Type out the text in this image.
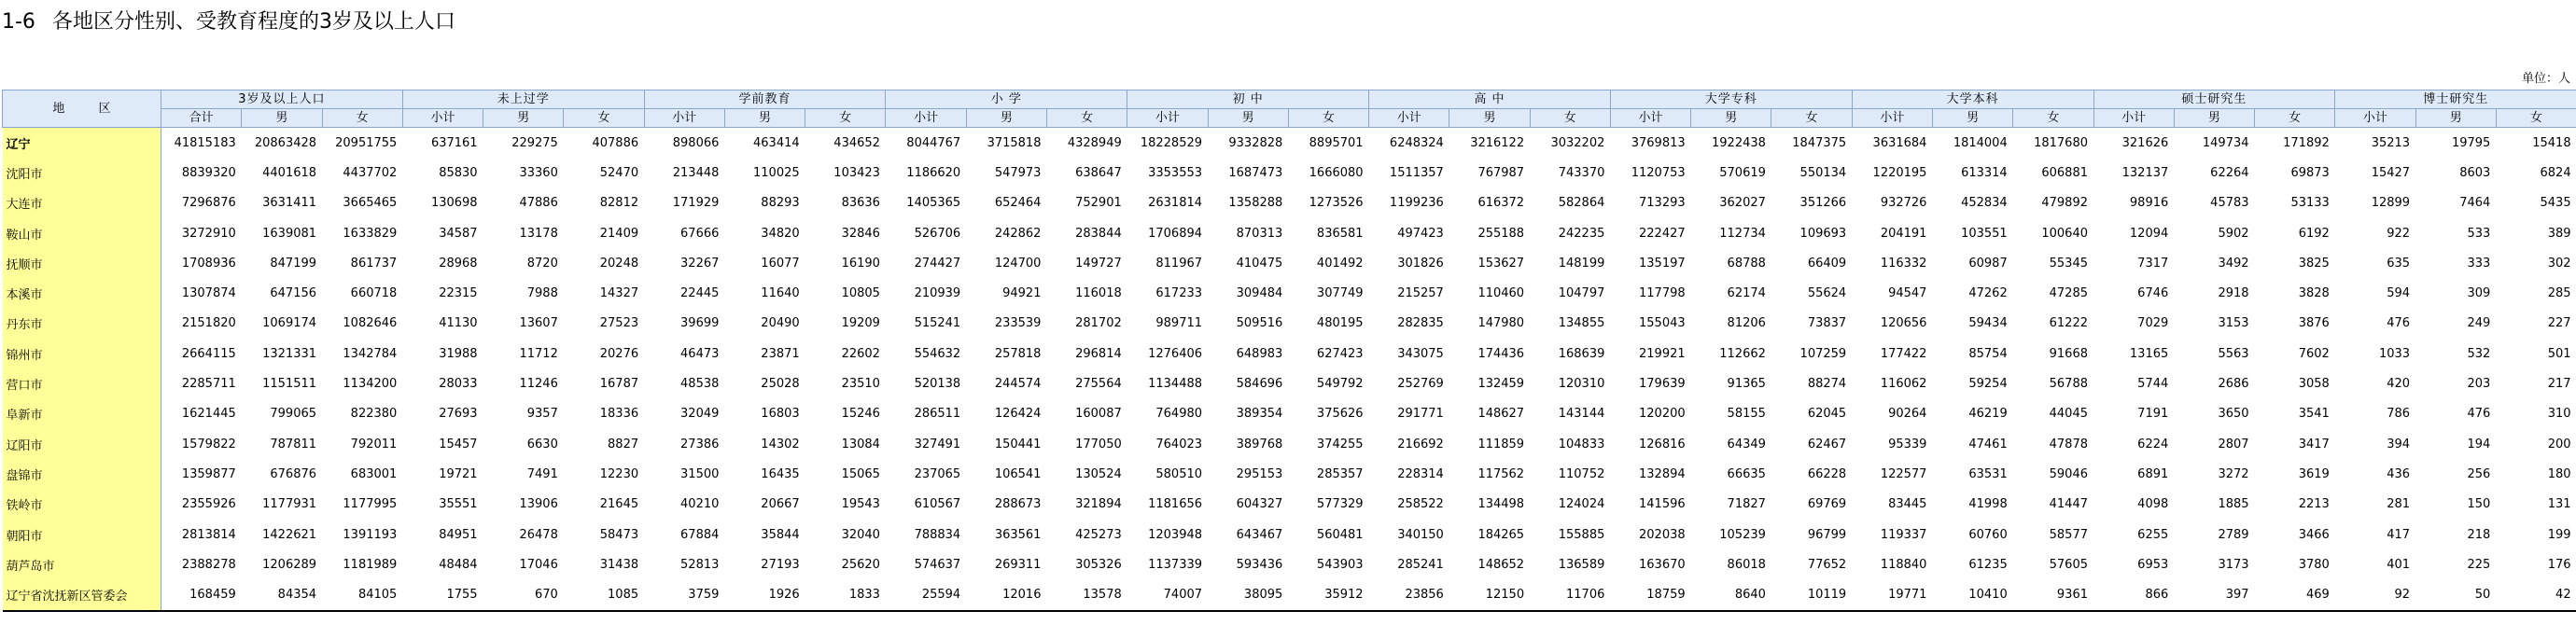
1-6 各地区分性别、受教育程度的3岁及以上人口
单位：人
地 区	3岁及以上人口			未上过学			学前教育			小 学			初 中			高 中			大学专科			大学本科			硕士研究生			博士研究生		
	合计	男	女	小计	男	女	小计	男	女	小计	男	女	小计	男	女	小计	男	女	小计	男	女	小计	男	女	小计	男	女	小计	男	女
辽宁	41815183	20863428	20951755	637161	229275	407886	898066	463414	434652	8044767	3715818	4328949	18228529	9332828	8895701	6248324	3216122	3032202	3769813	1922438	1847375	3631684	1814004	1817680	321626	149734	171892	35213	19795	15418
沈阳市	8839320	4401618	4437702	85830	33360	52470	213448	110025	103423	1186620	547973	638647	3353553	1687473	1666080	1511357	767987	743370	1120753	570619	550134	1220195	613314	606881	132137	62264	69873	15427	8603	6824
大连市	7296876	3631411	3665465	130698	47886	82812	171929	88293	83636	1405365	652464	752901	2631814	1358288	1273526	1199236	616372	582864	713293	362027	351266	932726	452834	479892	98916	45783	53133	12899	7464	5435
鞍山市	3272910	1639081	1633829	34587	13178	21409	67666	34820	32846	526706	242862	283844	1706894	870313	836581	497423	255188	242235	222427	112734	109693	204191	103551	100640	12094	5902	6192	922	533	389
抚顺市	1708936	847199	861737	28968	8720	20248	32267	16077	16190	274427	124700	149727	811967	410475	401492	301826	153627	148199	135197	68788	66409	116332	60987	55345	7317	3492	3825	635	333	302
本溪市	1307874	647156	660718	22315	7988	14327	22445	11640	10805	210939	94921	116018	617233	309484	307749	215257	110460	104797	117798	62174	55624	94547	47262	47285	6746	2918	3828	594	309	285
丹东市	2151820	1069174	1082646	41130	13607	27523	39699	20490	19209	515241	233539	281702	989711	509516	480195	282835	147980	134855	155043	81206	73837	120656	59434	61222	7029	3153	3876	476	249	227
锦州市	2664115	1321331	1342784	31988	11712	20276	46473	23871	22602	554632	257818	296814	1276406	648983	627423	343075	174436	168639	219921	112662	107259	177422	85754	91668	13165	5563	7602	1033	532	501
营口市	2285711	1151511	1134200	28033	11246	16787	48538	25028	23510	520138	244574	275564	1134488	584696	549792	252769	132459	120310	179639	91365	88274	116062	59254	56788	5744	2686	3058	420	203	217
阜新市	1621445	799065	822380	27693	9357	18336	32049	16803	15246	286511	126424	160087	764980	389354	375626	291771	148627	143144	120200	58155	62045	90264	46219	44045	7191	3650	3541	786	476	310
辽阳市	1579822	787811	792011	15457	6630	8827	27386	14302	13084	327491	150441	177050	764023	389768	374255	216692	111859	104833	126816	64349	62467	95339	47461	47878	6224	2807	3417	394	194	200
盘锦市	1359877	676876	683001	19721	7491	12230	31500	16435	15065	237065	106541	130524	580510	295153	285357	228314	117562	110752	132894	66635	66228	122577	63531	59046	6891	3272	3619	436	256	180
铁岭市	2355926	1177931	1177995	35551	13906	21645	40210	20667	19543	610567	288673	321894	1181656	604327	577329	258522	134498	124024	141596	71827	69769	83445	41998	41447	4098	1885	2213	281	150	131
朝阳市	2813814	1422621	1391193	84951	26478	58473	67884	35844	32040	788834	363561	425273	1203948	643467	560481	340150	184265	155885	202038	105239	96799	119337	60760	58577	6255	2789	3466	417	218	199
葫芦岛市	2388278	1206289	1181989	48484	17046	31438	52813	27193	25620	574637	269311	305326	1137339	593436	543903	285241	148652	136589	163670	86018	77652	118840	61235	57605	6953	3173	3780	401	225	176
辽宁省沈抚新区管委会	168459	84354	84105	1755	670	1085	3759	1926	1833	25594	12016	13578	74007	38095	35912	23856	12150	11706	18759	8640	10119	19771	10410	9361	866	397	469	92	50	42
